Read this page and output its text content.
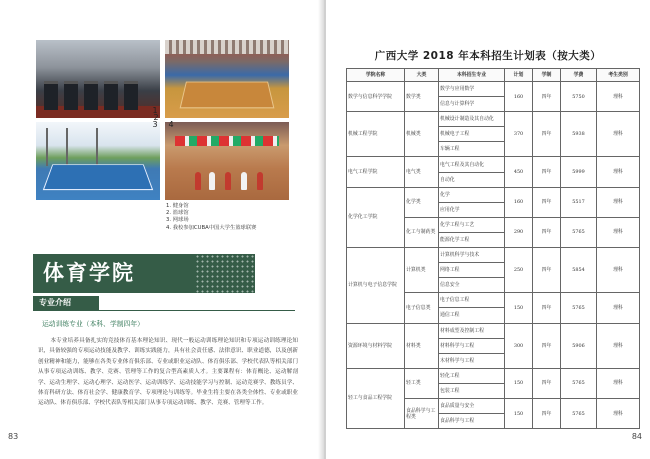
1
2
3	4
1. 健身馆
2. 篮球馆
3. 网球场
4. 我校参加CUBA中国大学生篮球联赛
体育学院
专业介绍
运动训练专业（本科、学制四年）
本专业培养具备扎实的竞技体育基本理论知识、现代一般运动训练理论知识和专项运动训练理论知识，具备较强的专项运动技能及教学、训练实践能力，具有社会责任感、法律意识、职业道德，以及创新创业精神和能力，能够在各类专业体育俱乐部、专业或职业运动队、体育俱乐部、学校代表队等相关部门从事专项运动训练、教学、竞赛、管理等工作的复合型高素质人才。主要课程有：体育概论、运动解剖学、运动生理学、运动心理学、运动医学、运动训练学、运动技能学习与控制、运动竞赛学、教练员学、体育科研方法、体育社会学、健康教育学、专项理论与训练等。毕业生将主要在各类全体性、专业或职业运动队、体育俱乐部、学校代表队等相关部门从事专项运动训练、教学、竞赛、管理等工作。
83
广西大学 2018 年本科招生计划表（按大类）
学院名称	大类	本科招生专业	计划	学制	学费	考生类别
数学与信息科学学院	数学类	数学与应用数学	160	四年	5750	理科
		信息与计算科学				
机械工程学院	机械类	机械设计制造及其自动化	370	四年	5938	理科
		机械电子工程				
		车辆工程				
电气工程学院	电气类	电气工程及其自动化	450	四年	5999	理科
		自动化				
化学化工学院	化学类	化学	160	四年	5517	理科
		应用化学				
	化工与制药类	化学工程与工艺	290	四年	5765	理科
		能源化学工程				
计算机与电子信息学院	计算机类	计算机科学与技术	250	四年	5854	理科
		网络工程				
		信息安全				
	电子信息类	电子信息工程	150	四年	5765	理科
		通信工程				
资源环境与材料学院	材料类	材料成型及控制工程	300	四年	5906	理科
		材料科学与工程				
		木材科学与工程				
轻工与食品工程学院	轻工类	轻化工程	150	四年	5765	理科
		包装工程				
	食品科学与工程类	食品质量与安全	150	四年	5765	理科
		食品科学与工程				
84
